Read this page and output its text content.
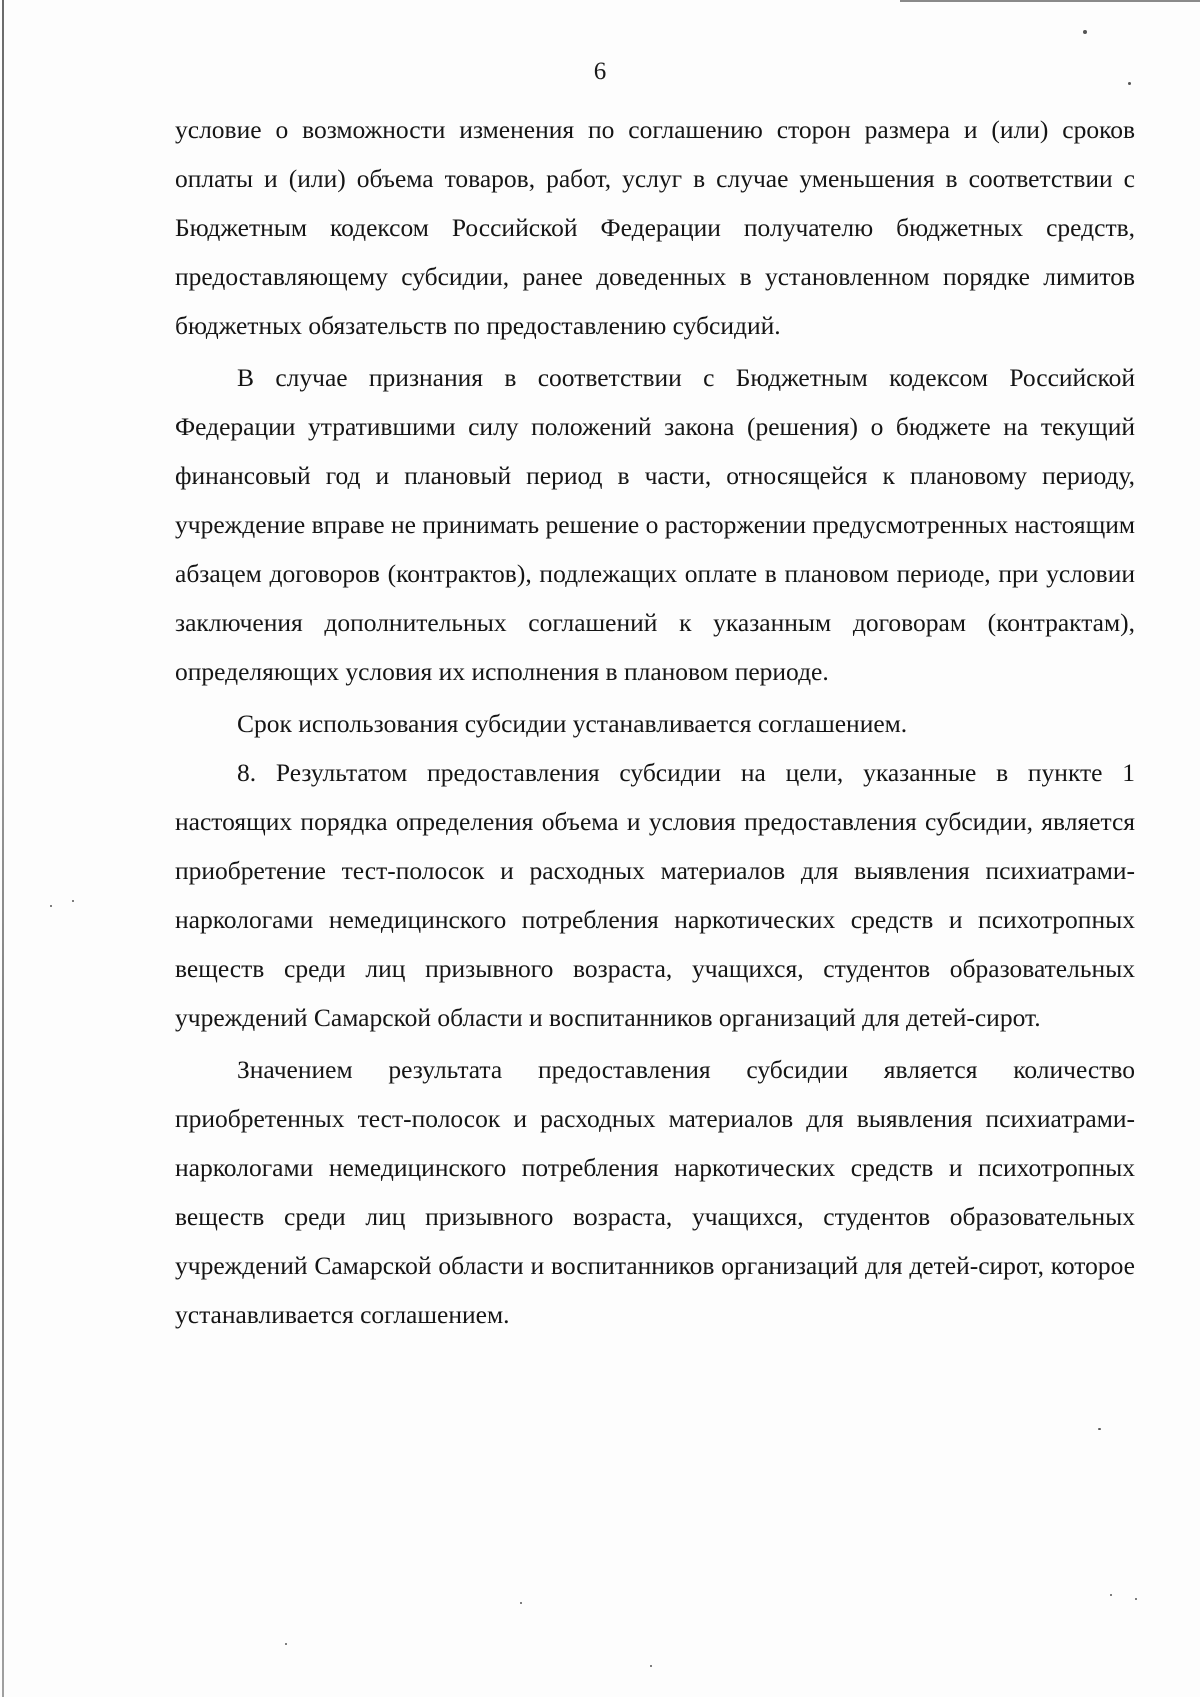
6

условие о возможности изменения по соглашению сторон размера и (или) сроков оплаты и (или) объема товаров, работ, услуг в случае уменьшения в соответствии с Бюджетным кодексом Российской Федерации получателю бюджетных средств, предоставляющему субсидии, ранее доведенных в установленном порядке лимитов бюджетных обязательств по предоставлению субсидий.

В случае признания в соответствии с Бюджетным кодексом Российской Федерации утратившими силу положений закона (решения) о бюджете на текущий финансовый год и плановый период в части, относящейся к плановому периоду, учреждение вправе не принимать решение о расторжении предусмотренных настоящим абзацем договоров (контрактов), подлежащих оплате в плановом периоде, при условии заключения дополнительных соглашений к указанным договорам (контрактам), определяющих условия их исполнения в плановом периоде.

Срок использования субсидии устанавливается соглашением.

8. Результатом предоставления субсидии на цели, указанные в пункте 1 настоящих порядка определения объема и условия предоставления субсидии, является приобретение тест-полосок и расходных материалов для выявления психиатрами-наркологами немедицинского потребления наркотических средств и психотропных веществ среди лиц призывного возраста, учащихся, студентов образовательных учреждений Самарской области и воспитанников организаций для детей-сирот.

Значением результата предоставления субсидии является количество приобретенных тест-полосок и расходных материалов для выявления психиатрами-наркологами немедицинского потребления наркотических средств и психотропных веществ среди лиц призывного возраста, учащихся, студентов образовательных учреждений Самарской области и воспитанников организаций для детей-сирот, которое устанавливается соглашением.
